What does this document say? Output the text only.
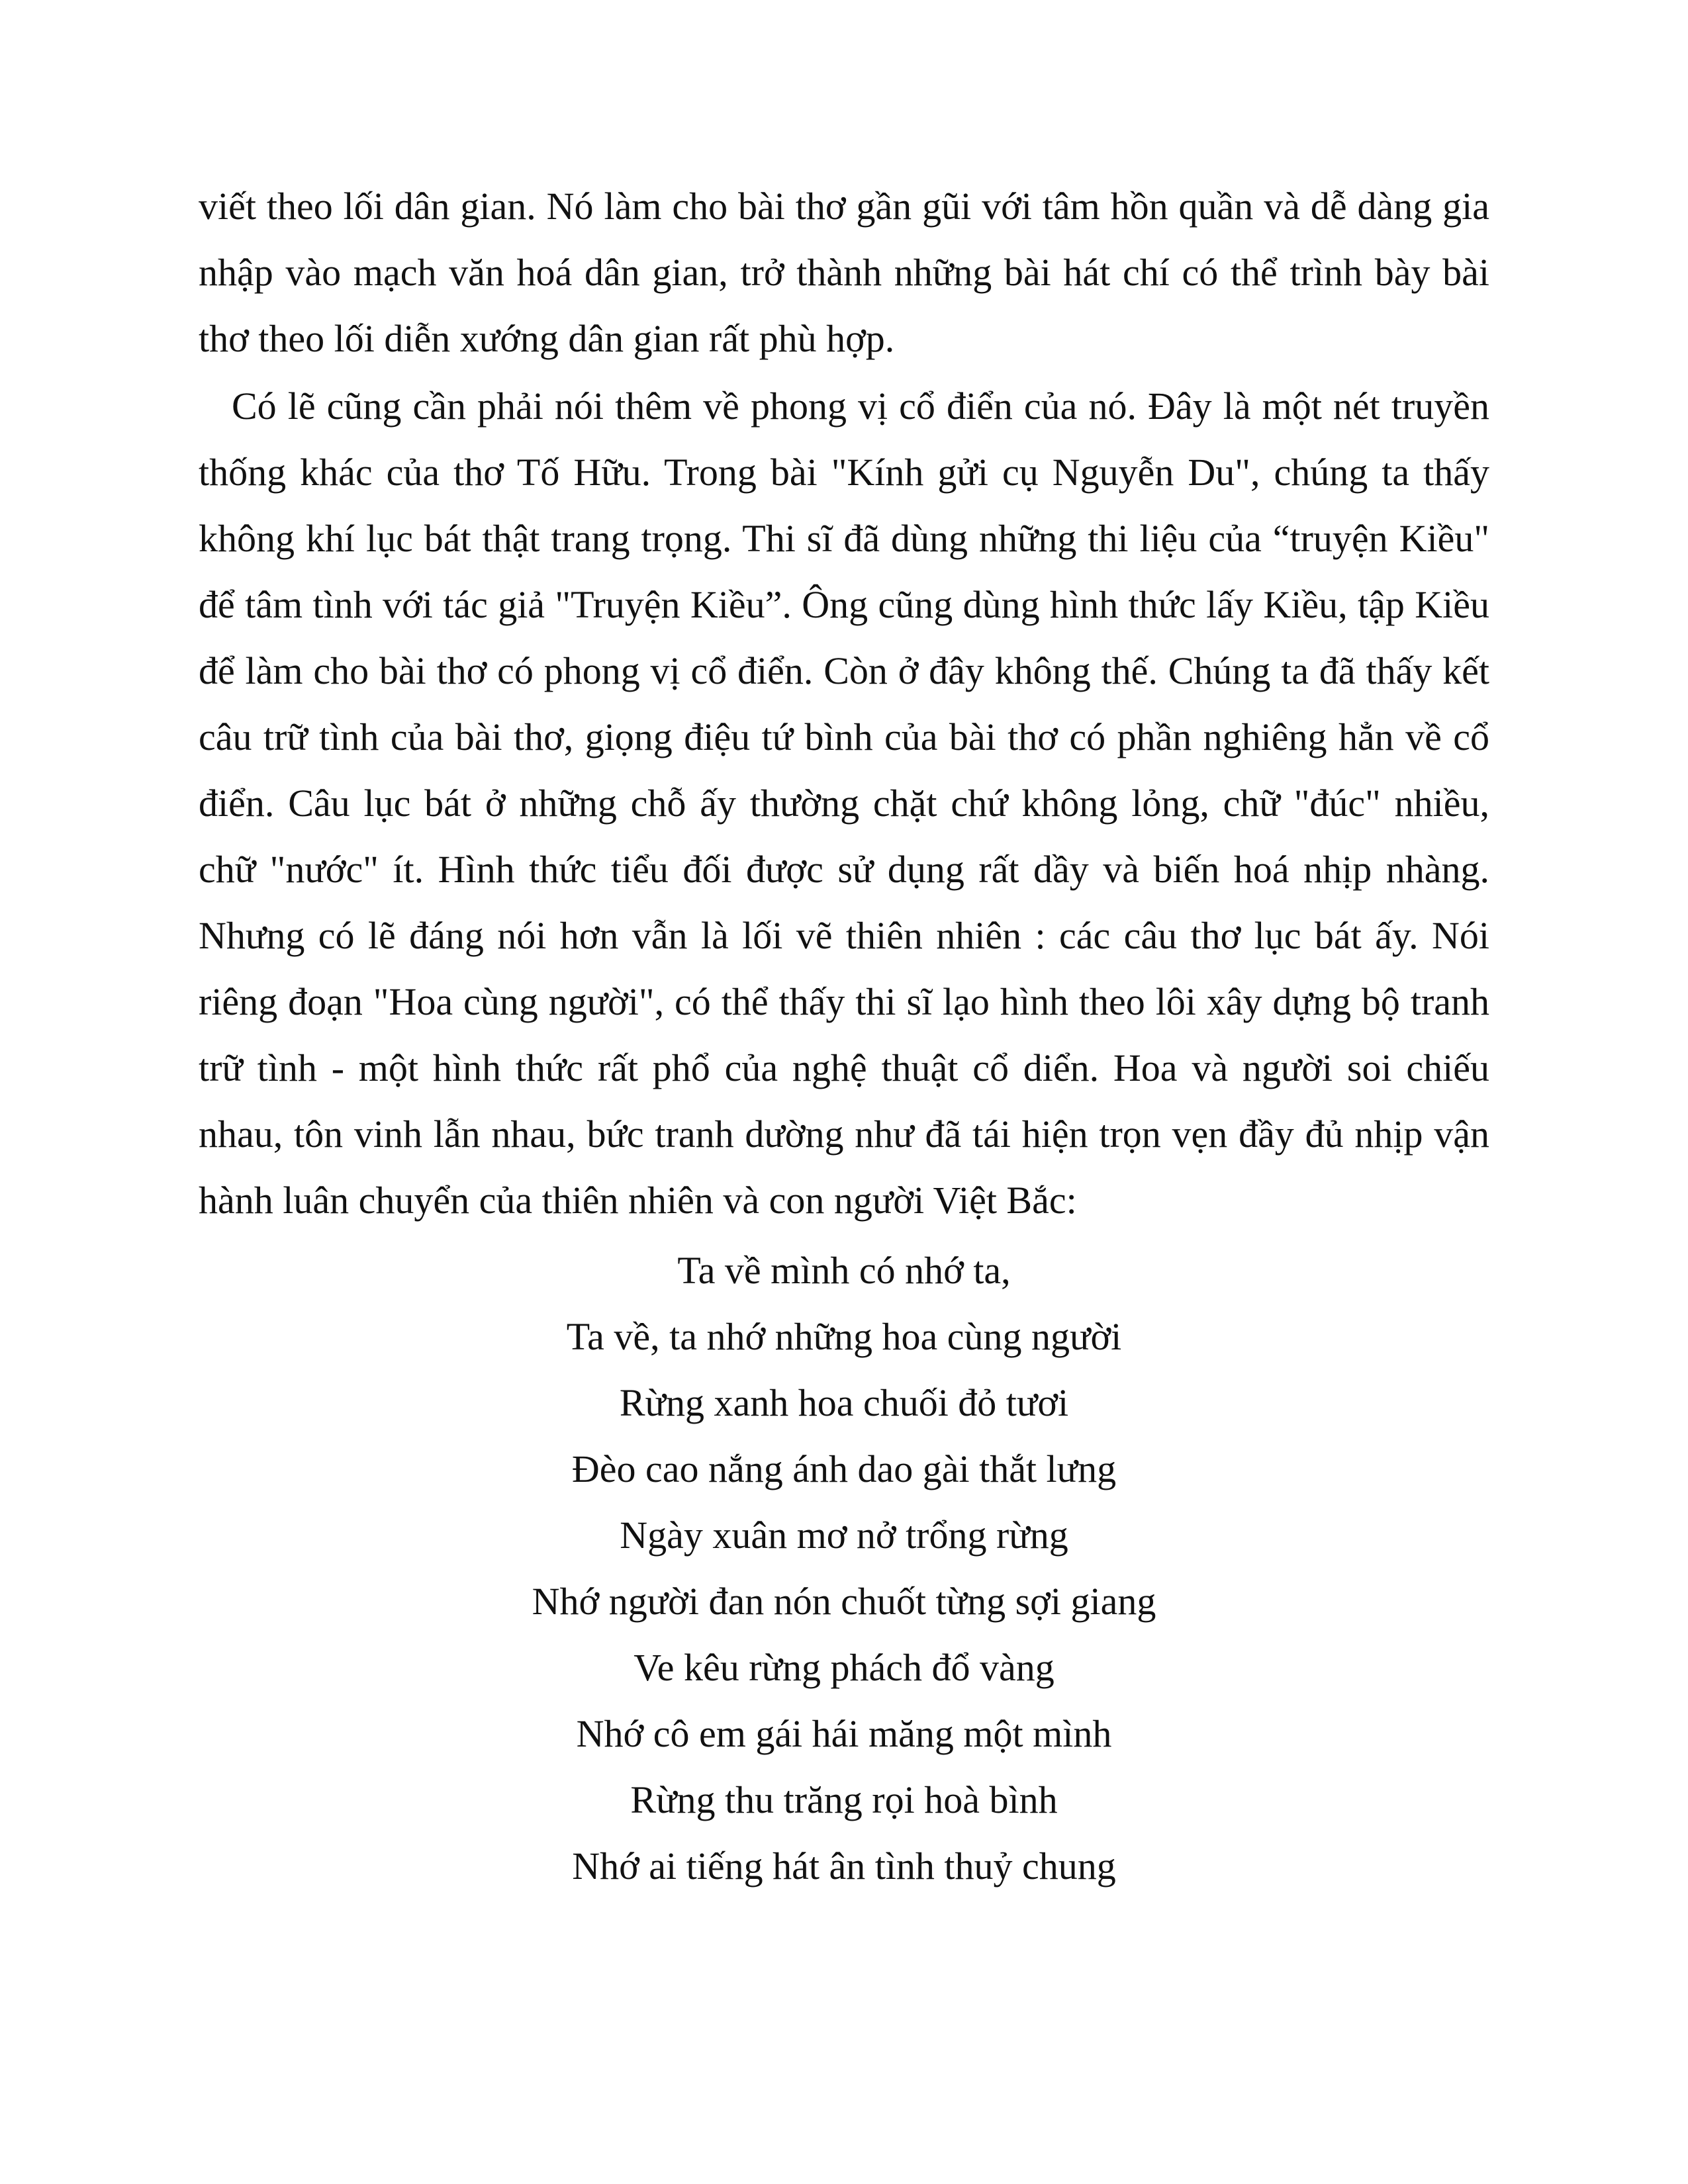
viết theo lối dân gian. Nó làm cho bài thơ gần gũi với tâm hồn quần và dễ dàng gia nhập vào mạch văn hoá dân gian, trở thành những bài hát chí có thể trình bày bài thơ theo lối diễn xướng dân gian rất phù hợp.

Có lẽ cũng cần phải nói thêm về phong vị cổ điển của nó. Đây là một nét truyền thống khác của thơ Tố Hữu. Trong bài "Kính gửi cụ Nguyễn Du", chúng ta thấy không khí lục bát thật trang trọng. Thi sĩ đã dùng những thi liệu của “truyện Kiều" để tâm tình với tác giả "Truyện Kiều”. Ông cũng dùng hình thức lấy Kiều, tập Kiều để làm cho bài thơ có phong vị cổ điển. Còn ở đây không thế. Chúng ta đã thấy kết câu trữ tình của bài thơ, giọng điệu tứ bình của bài thơ có phần nghiêng hẳn về cổ điển. Câu lục bát ở những chỗ ấy thường chặt chứ không lỏng, chữ "đúc" nhiều, chữ "nước" ít. Hình thức tiểu đối được sử dụng rất dầy và biến hoá nhịp nhàng. Nhưng có lẽ đáng nói hơn vẫn là lối vẽ thiên nhiên : các câu thơ lục bát ấy. Nói riêng đoạn "Hoa cùng người", có thể thấy thi sĩ lạo hình theo lôi xây dựng bộ tranh trữ tình - một hình thức rất phổ của nghệ thuật cổ diển. Hoa và người soi chiếu nhau, tôn vinh lẫn nhau, bức tranh dường như đã tái hiện trọn vẹn đầy đủ nhịp vận hành luân chuyển của thiên nhiên và con người Việt Bắc:

Ta về mình có nhớ ta,
Ta về, ta nhớ những hoa cùng người
Rừng xanh hoa chuối đỏ tươi
Đèo cao nắng ánh dao gài thắt lưng
Ngày xuân mơ nở trổng rừng
Nhớ người đan nón chuốt từng sợi giang
Ve kêu rừng phách đổ vàng
Nhớ cô em gái hái măng một mình
Rừng thu trăng rọi hoà bình
Nhớ ai tiếng hát ân tình thuỷ chung
